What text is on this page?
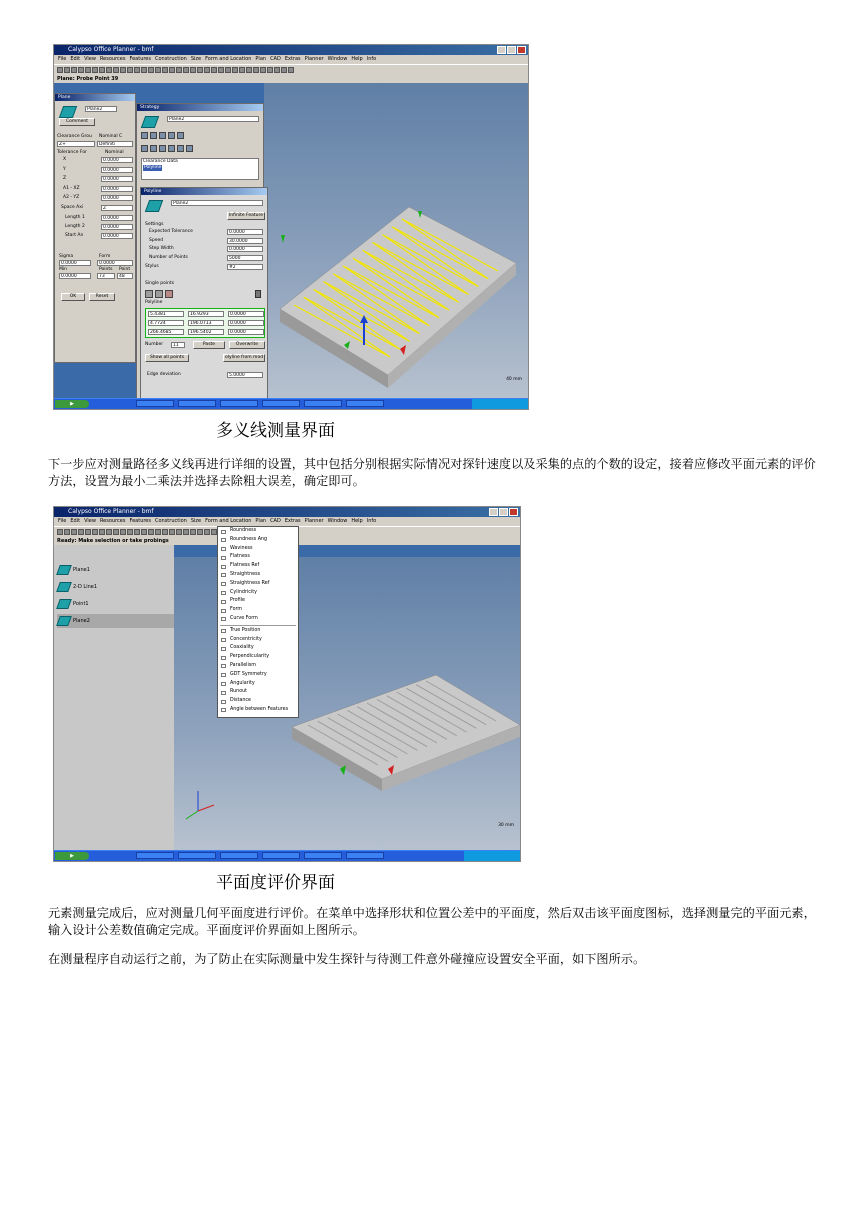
Calypso Office Planner - bmf
File Edit View Resources Features Construction Size Form and Location Plan CAD Extras Planner Window Help Info
Plane: Probe Point 39
40 mm
Plane
Plane2
Comment
Clearance Grou Nominal C
Z+	Definiti
Tolerance For	Nominal
X	0.0000
Y	0.0000
Z	0.0000
A1 - XZ	0.0000
A2 - YZ	0.0000
Space Axi	Z
Length 1	0.0000
Length 2	0.0000
Start An	0.0000
Sigma	Form
0.0000	0.0000
Min	Points Point
0.0000	73	48
OK	Reset
Strategy
Plane2
Clearance Data
Polyline
Polyline
Plane2
Infinite Feature
Settings
Expected Tolerance	0.0000
Speed	30.0000
Step Width	0.0000
Number of Points	5000
Stylus	#2
Single points
Polyline
5.4381	16.9293	0.0000
4.7724	196.0713	0.0000
266.4685	196.5402	0.0000
Number	11	Paste	Overwrite
Show all points	olyline from mod
Edge deviation	5.0000
▶
多义线测量界面

下一步应对测量路径多义线再进行详细的设置，其中包括分别根据实际情况对探针速度以及采集的点的个数的设定，接着应修改平面元素的评价方法，设置为最小二乘法并选择去除粗大误差，确定即可。

Calypso Office Planner - bmf
File Edit View Resources Features Construction Size Form and Location Plan CAD Extras Planner Window Help Info
Ready: Make selection or take probings
Plane1
2-D Line1
Point1
Plane2
30 mm
Roundness
Roundness Ang
Waviness
Flatness
Flatness Ref
Straightness
Straightness Ref
Cylindricity
Profile
Form
Curve Form
True Position
Concentricity
Coaxiality
Perpendicularity
Parallelism
GDT Symmetry
Angularity
Runout
Distance
Angle between Features
▶
平面度评价界面

元素测量完成后，应对测量几何平面度进行评价。在菜单中选择形状和位置公差中的平面度，然后双击该平面度图标，选择测量完的平面元素，输入设计公差数值确定完成。平面度评价界面如上图所示。

在测量程序自动运行之前，为了防止在实际测量中发生探针与待测工件意外碰撞应设置安全平面，如下图所示。
